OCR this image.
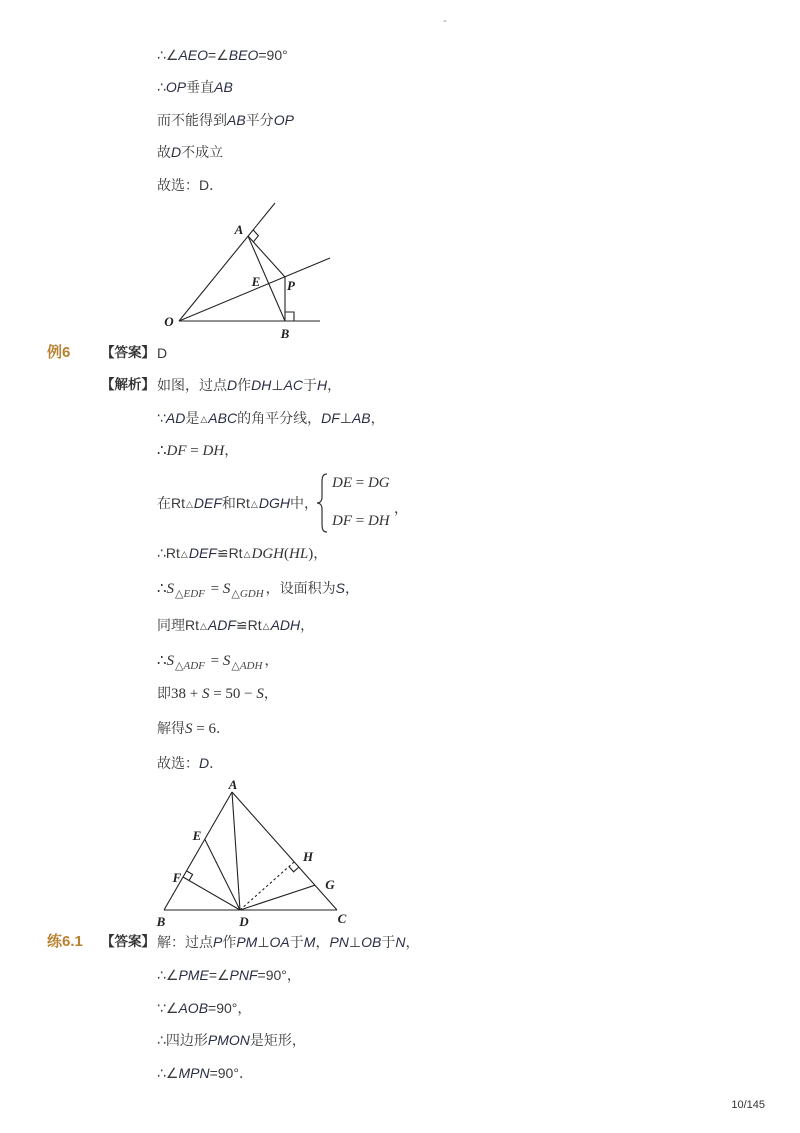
-
∴∠AEO=∠BEO=90°
∴OP垂直AB
而不能得到AB平分OP
故D不成立
故选：D．
A
E P
O
B
例6 【答案】 D
【解析】 如图，过点D作DH⊥AC于H，
∵AD是△ABC的角平分线，DF⊥AB，
∴DF = DH，
在Rt△DEF和Rt△DGH中，
DE = DG
DF = DH
，
∴Rt△DEF≌Rt△DGH(HL)，
$\therefore S_{\triangle EDF} = S_{\triangle GDH}$ ，设面积为S，
同理Rt△ADF≌Rt△ADH，
$\therefore S_{\triangle ADF} = S_{\triangle ADH}$ ，
即38 + S = 50 − S，
解得S = 6．
故选：D．
A
E
F
H
G
B	D	C
练6.1 【答案】 解：过点P作PM⊥OA于M，PN⊥OB于N，
∴∠PME=∠PNF=90°，
∵∠AOB=90°，
∴四边形PMON是矩形，
∴∠MPN=90°．
10/145
